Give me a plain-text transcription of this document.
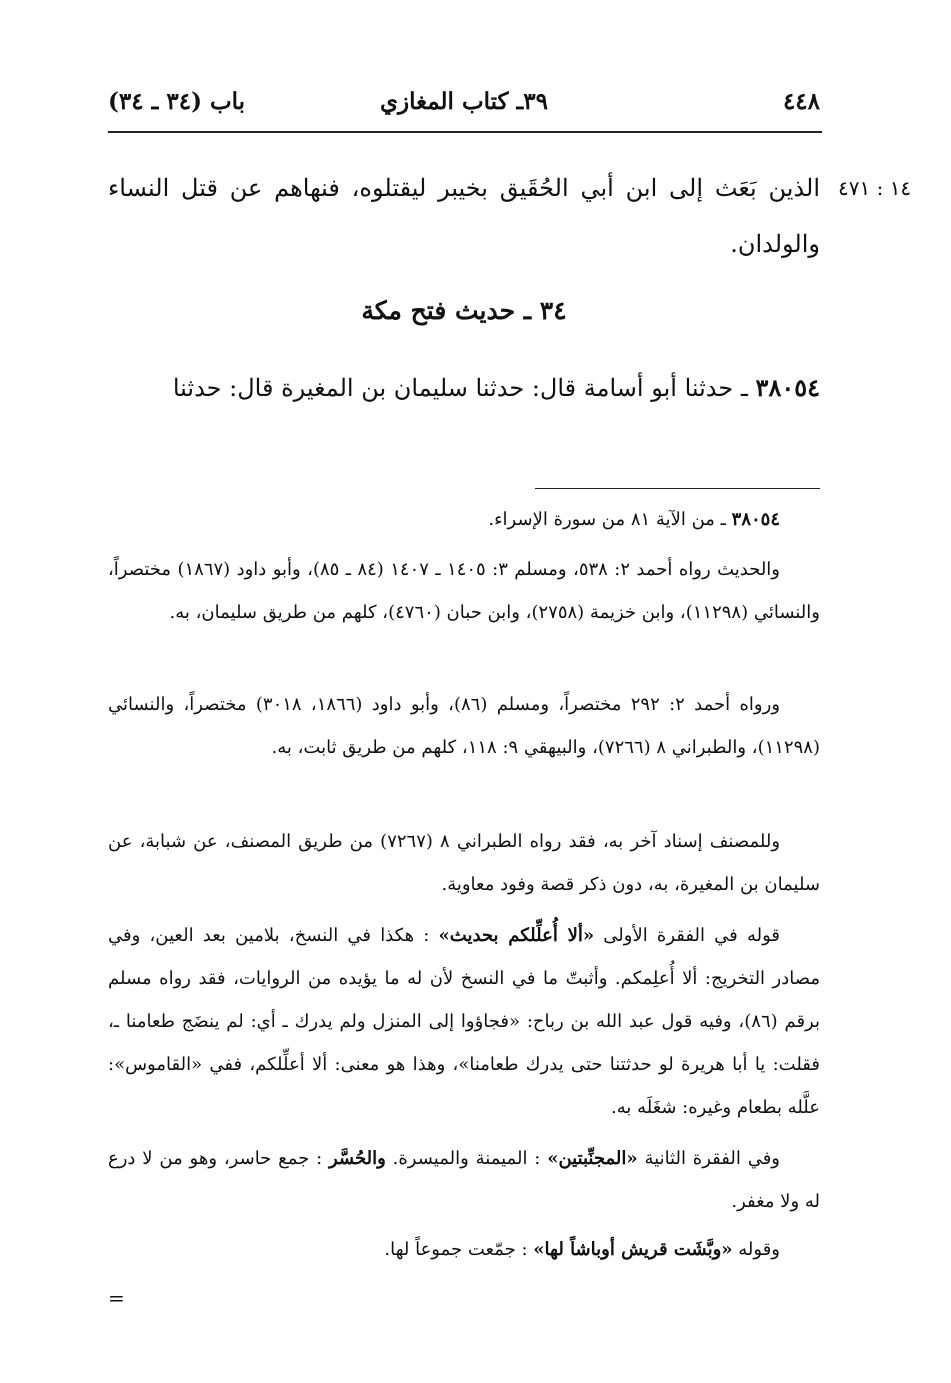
٤٤٨
٣٩ـ كتاب المغازي
باب (٣٤ ـ ٣٤)
١٤ : ٤٧١
الذين بَعَث إلى ابن أبي الحُقَيق بخيبر ليقتلوه، فنهاهم عن قتل النساء والولدان.
٣٤ ـ حديث فتح مكة
٣٨٠٥٤ ـ حدثنا أبو أسامة قال: حدثنا سليمان بن المغيرة قال: حدثنا
٣٨٠٥٤ ـ من الآية ٨١ من سورة الإسراء.
والحديث رواه أحمد ٢: ٥٣٨، ومسلم ٣: ١٤٠٥ ـ ١٤٠٧ (٨٤ ـ ٨٥)، وأبو داود (١٨٦٧) مختصراً، والنسائي (١١٢٩٨)، وابن خزيمة (٢٧٥٨)، وابن حبان (٤٧٦٠)، كلهم من طريق سليمان، به.
ورواه أحمد ٢: ٢٩٢ مختصراً، ومسلم (٨٦)، وأبو داود (١٨٦٦، ٣٠١٨) مختصراً، والنسائي (١١٢٩٨)، والطبراني ٨ (٧٢٦٦)، والبيهقي ٩: ١١٨، كلهم من طريق ثابت، به.
وللمصنف إسناد آخر به، فقد رواه الطبراني ٨ (٧٢٦٧) من طريق المصنف، عن شبابة، عن سليمان بن المغيرة، به، دون ذكر قصة وفود معاوية.
قوله في الفقرة الأولى «ألا أُعلِّلكم بحديث» : هكذا في النسخ، بلامين بعد العين، وفي مصادر التخريج: ألا أُعلِمكم. وأثبتّ ما في النسخ لأن له ما يؤيده من الروايات، فقد رواه مسلم برقم (٨٦)، وفيه قول عبد الله بن رباح: «فجاؤوا إلى المنزل ولم يدرك ـ أي: لم ينضَج طعامنا ـ، فقلت: يا أبا هريرة لو حدثتنا حتى يدرك طعامنا»، وهذا هو معنى: ألا أعلِّلكم، ففي «القاموس»: علَّله بطعام وغيره: شغَلَه به.
وفي الفقرة الثانية «المجنِّبتين» : الميمنة والميسرة. والحُسَّر : جمع حاسر، وهو من لا درع له ولا مغفر.
وقوله «وبَّشَت قريش أوباشاً لها» : جمّعت جموعاً لها.
=
